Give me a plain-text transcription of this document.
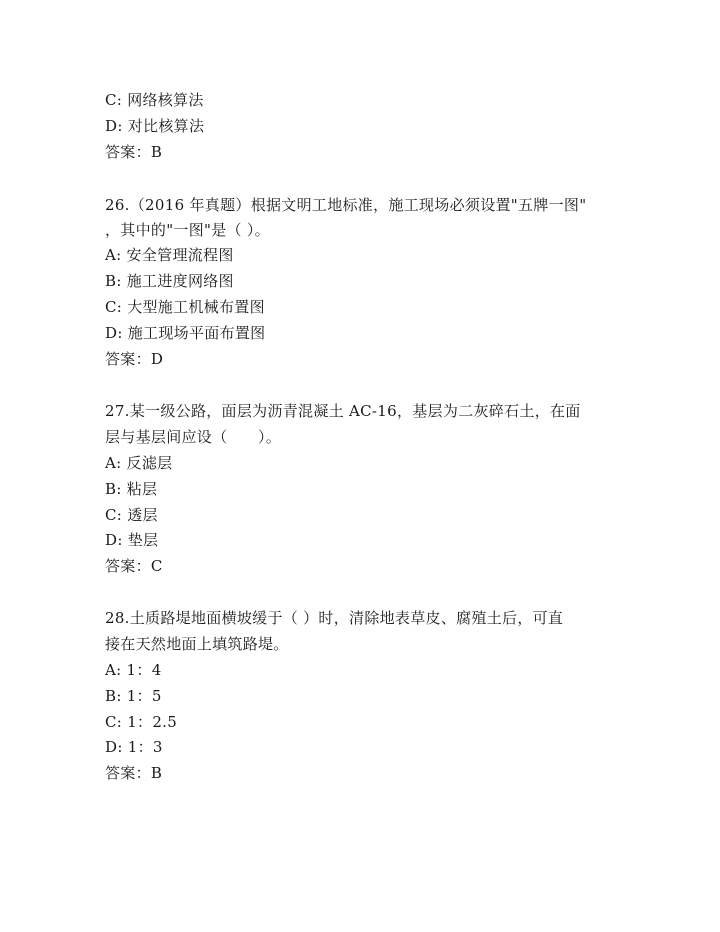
C: 网络核算法
D: 对比核算法
答案：B
26.（2016 年真题）根据文明工地标准，施工现场必须设置"五牌一图"
，其中的"一图"是（ ）。
A: 安全管理流程图
B: 施工进度网络图
C: 大型施工机械布置图
D: 施工现场平面布置图
答案：D
27.某一级公路，面层为沥青混凝土 AC-16，基层为二灰碎石土，在面
层与基层间应设（　　）。
A: 反滤层
B: 粘层
C: 透层
D: 垫层
答案：C
28.土质路堤地面横坡缓于（ ）时，清除地表草皮、腐殖土后，可直
接在天然地面上填筑路堤。
A: 1：4
B: 1：5
C: 1：2.5
D: 1：3
答案：B
